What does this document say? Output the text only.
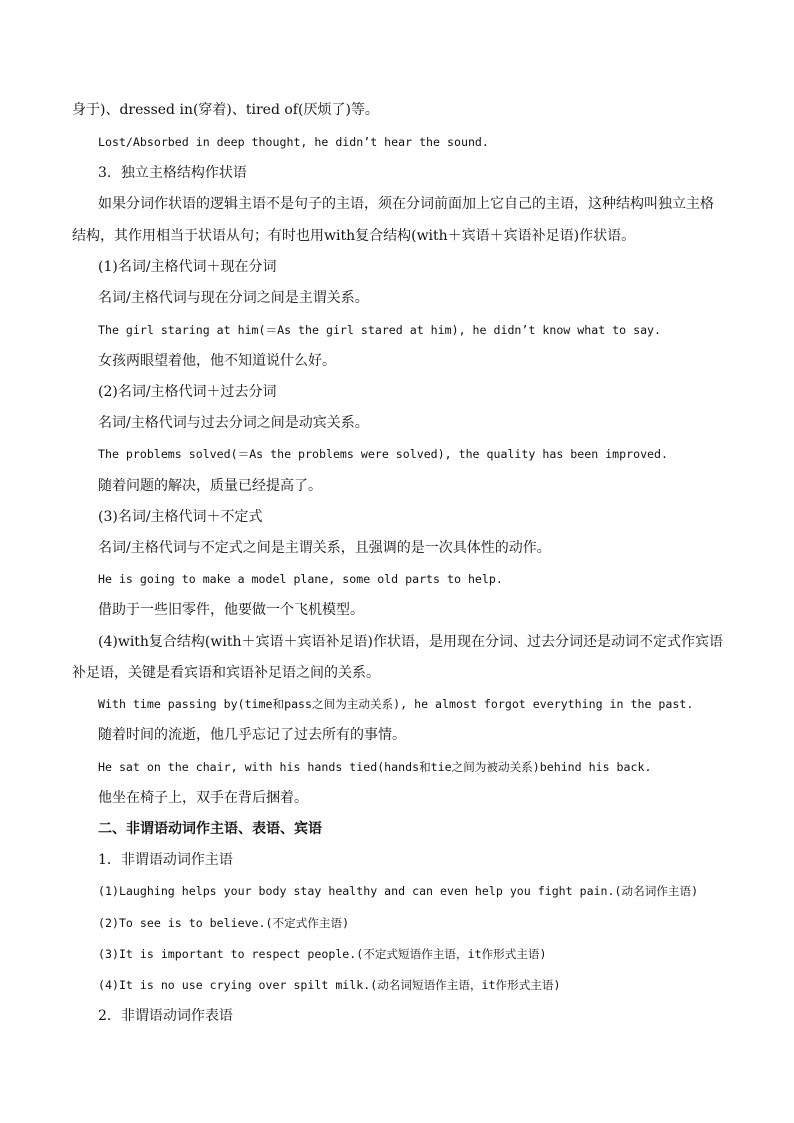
身于)、dressed in(穿着)、tired of(厌烦了)等。
Lost/Absorbed in deep thought, he didn’t hear the sound.
3．独立主格结构作状语
如果分词作状语的逻辑主语不是句子的主语，须在分词前面加上它自己的主语，这种结构叫独立主格
结构，其作用相当于状语从句；有时也用with复合结构(with＋宾语＋宾语补足语)作状语。
(1)名词/主格代词＋现在分词
名词/主格代词与现在分词之间是主谓关系。
The girl staring at him(＝As the girl stared at him), he didn’t know what to say.
女孩两眼望着他，他不知道说什么好。
(2)名词/主格代词＋过去分词
名词/主格代词与过去分词之间是动宾关系。
The problems solved(＝As the problems were solved), the quality has been improved.
随着问题的解决，质量已经提高了。
(3)名词/主格代词＋不定式
名词/主格代词与不定式之间是主谓关系，且强调的是一次具体性的动作。
He is going to make a model plane, some old parts to help.
借助于一些旧零件，他要做一个飞机模型。
(4)with复合结构(with＋宾语＋宾语补足语)作状语，是用现在分词、过去分词还是动词不定式作宾语
补足语，关键是看宾语和宾语补足语之间的关系。
With time passing by(time和pass之间为主动关系), he almost forgot everything in the past.
随着时间的流逝，他几乎忘记了过去所有的事情。
He sat on the chair, with his hands tied(hands和tie之间为被动关系)behind his back.
他坐在椅子上，双手在背后捆着。
二、非谓语动词作主语、表语、宾语
1．非谓语动词作主语
(1)Laughing helps your body stay healthy and can even help you fight pain.(动名词作主语)
(2)To see is to believe.(不定式作主语)
(3)It is important to respect people.(不定式短语作主语，it作形式主语)
(4)It is no use crying over spilt milk.(动名词短语作主语，it作形式主语)
2．非谓语动词作表语
